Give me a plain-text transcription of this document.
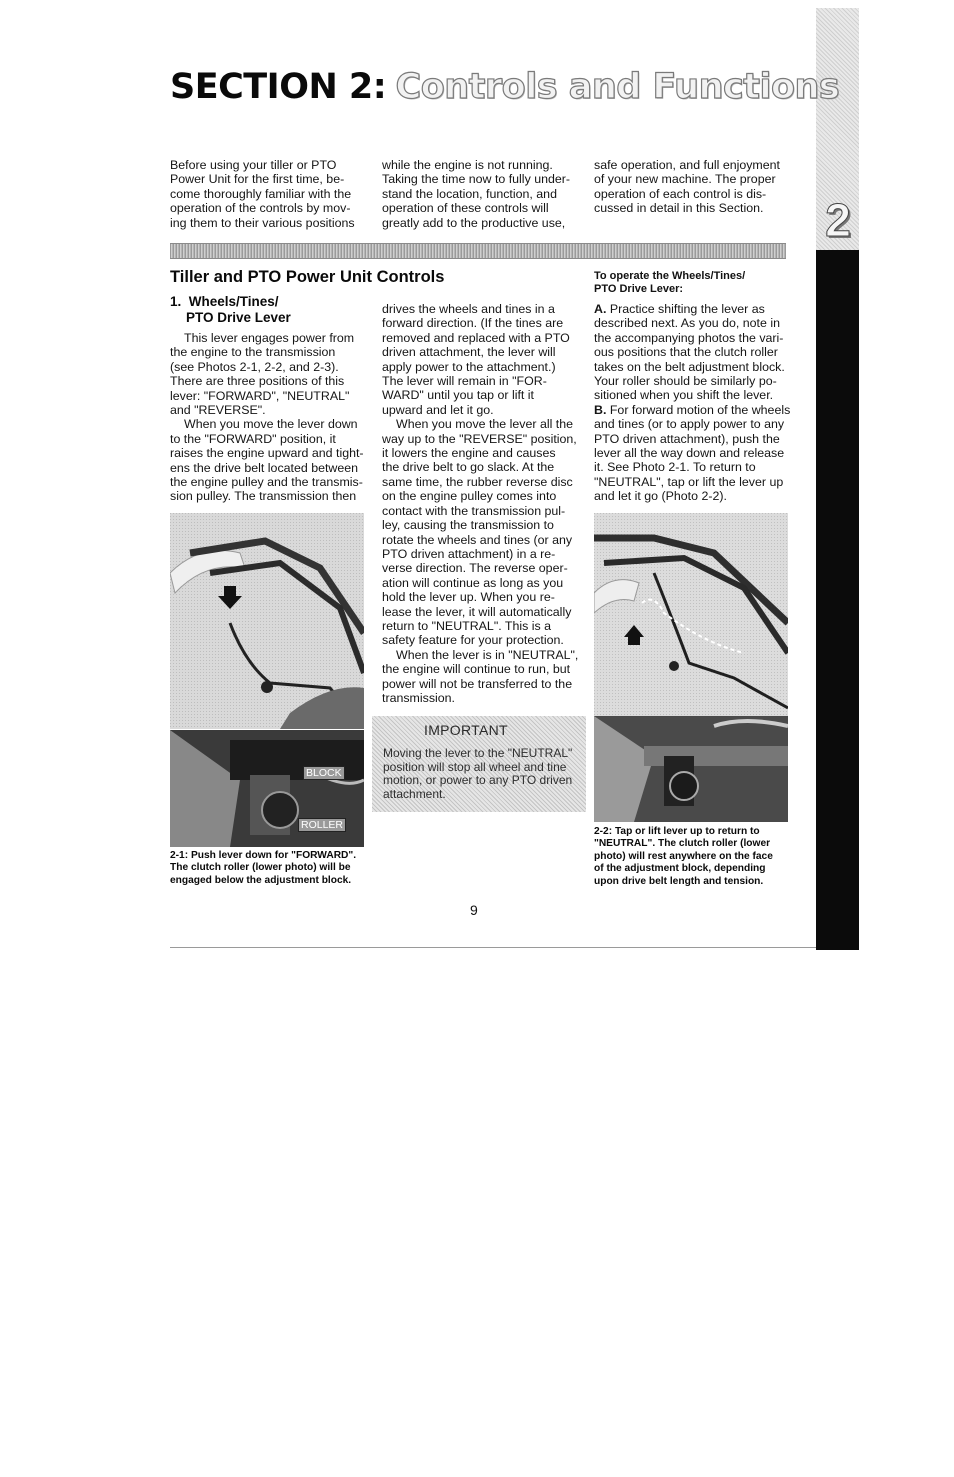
2
SECTION 2: Controls and Functions
Before using your tiller or PTO
Power Unit for the first time, be-
come thoroughly familiar with the
operation of the controls by mov-
ing them to their various positions
while the engine is not running.
Taking the time now to fully under-
stand the location, function, and
operation of these controls will
greatly add to the productive use,
safe operation, and full enjoyment
of your new machine. The proper
operation of each control is dis-
cussed in detail in this Section.
Tiller and PTO Power Unit Controls
1.  Wheels/Tines/
PTO Drive Lever
This lever engages power from
the engine to the transmission
(see Photos 2-1, 2-2, and 2-3).
There are three positions of this
lever: "FORWARD", "NEUTRAL"
and "REVERSE".
When you move the lever down
to the "FORWARD" position, it
raises the engine upward and tight-
ens the drive belt located between
the engine pulley and the transmis-
sion pulley. The transmission then
drives the wheels and tines in a
forward direction. (If the tines are
removed and replaced with a PTO
driven attachment, the lever will
apply power to the attachment.)
The lever will remain in "FOR-
WARD" until you tap or lift it
upward and let it go.
When you move the lever all the
way up to the "REVERSE" position,
it lowers the engine and causes
the drive belt to go slack. At the
same time, the rubber reverse disc
on the engine pulley comes into
contact with the transmission pul-
ley, causing the transmission to
rotate the wheels and tines (or any
PTO driven attachment) in a re-
verse direction. The reverse oper-
ation will continue as long as you
hold the lever up. When you re-
lease the lever, it will automatically
return to "NEUTRAL". This is a
safety feature for your protection.
When the lever is in "NEUTRAL",
the engine will continue to run, but
power will not be transferred to the
transmission.
IMPORTANT
Moving the lever to the "NEUTRAL"
position will stop all wheel and tine
motion, or power to any PTO driven
attachment.
To operate the Wheels/Tines/
PTO Drive Lever:
A. Practice shifting the lever as
described next. As you do, note in
the accompanying photos the vari-
ous positions that the clutch roller
takes on the belt adjustment block.
Your roller should be similarly po-
sitioned when you shift the lever.
B. For forward motion of the wheels
and tines (or to apply power to any
PTO driven attachment), push the
lever all the way down and release
it. See Photo 2-1. To return to
"NEUTRAL", tap or lift the lever up
and let it go (Photo 2-2).
BLOCK
ROLLER
2-1: Push lever down for "FORWARD".
The clutch roller (lower photo) will be
engaged below the adjustment block.
2-2: Tap or lift lever up to return to
"NEUTRAL". The clutch roller (lower
photo) will rest anywhere on the face
of the adjustment block, depending
upon drive belt length and tension.
9
